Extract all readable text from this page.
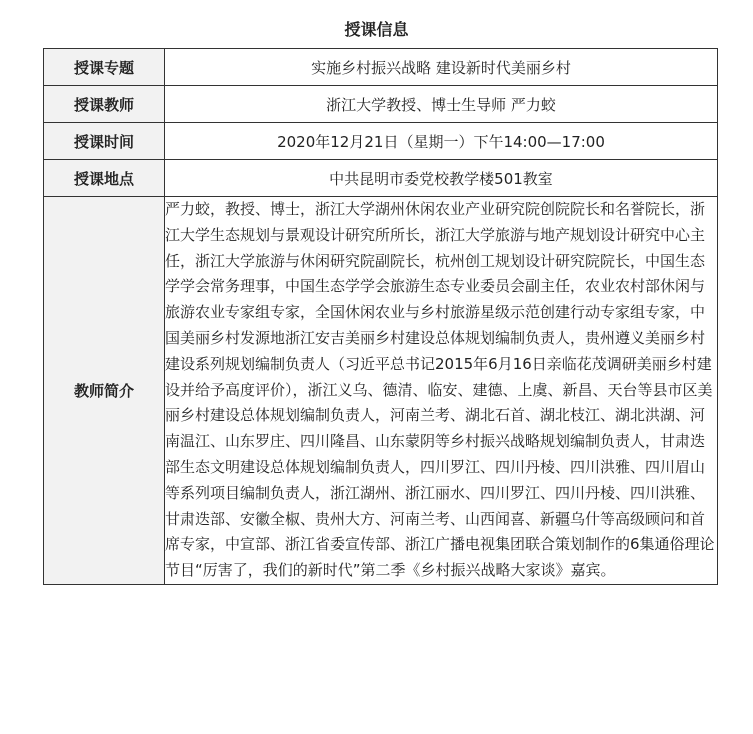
授课信息
授课专题	实施乡村振兴战略 建设新时代美丽乡村
授课教师	浙江大学教授、博士生导师 严力蛟
授课时间	2020年12月21日（星期一）下午14:00—17:00
授课地点	中共昆明市委党校教学楼501教室
教师简介	严力蛟，教授、博士，浙江大学湖州休闲农业产业研究院创院院长和名誉院长，浙江大学生态规划与景观设计研究所所长，浙江大学旅游与地产规划设计研究中心主任，浙江大学旅游与休闲研究院副院长，杭州创工规划设计研究院院长，中国生态学学会常务理事，中国生态学学会旅游生态专业委员会副主任，农业农村部休闲与旅游农业专家组专家，全国休闲农业与乡村旅游星级示范创建行动专家组专家，中国美丽乡村发源地浙江安吉美丽乡村建设总体规划编制负责人，贵州遵义美丽乡村建设系列规划编制负责人（习近平总书记2015年6月16日亲临花茂调研美丽乡村建设并给予高度评价），浙江义乌、德清、临安、建德、上虞、新昌、天台等县市区美丽乡村建设总体规划编制负责人，河南兰考、湖北石首、湖北枝江、湖北洪湖、河南温江、山东罗庄、四川隆昌、山东蒙阴等乡村振兴战略规划编制负责人，甘肃迭部生态文明建设总体规划编制负责人，四川罗江、四川丹棱、四川洪雅、四川眉山等系列项目编制负责人，浙江湖州、浙江丽水、四川罗江、四川丹棱、四川洪雅、甘肃迭部、安徽全椒、贵州大方、河南兰考、山西闻喜、新疆乌什等高级顾问和首席专家，中宣部、浙江省委宣传部、浙江广播电视集团联合策划制作的6集通俗理论节目“厉害了，我们的新时代”第二季《乡村振兴战略大家谈》嘉宾。
